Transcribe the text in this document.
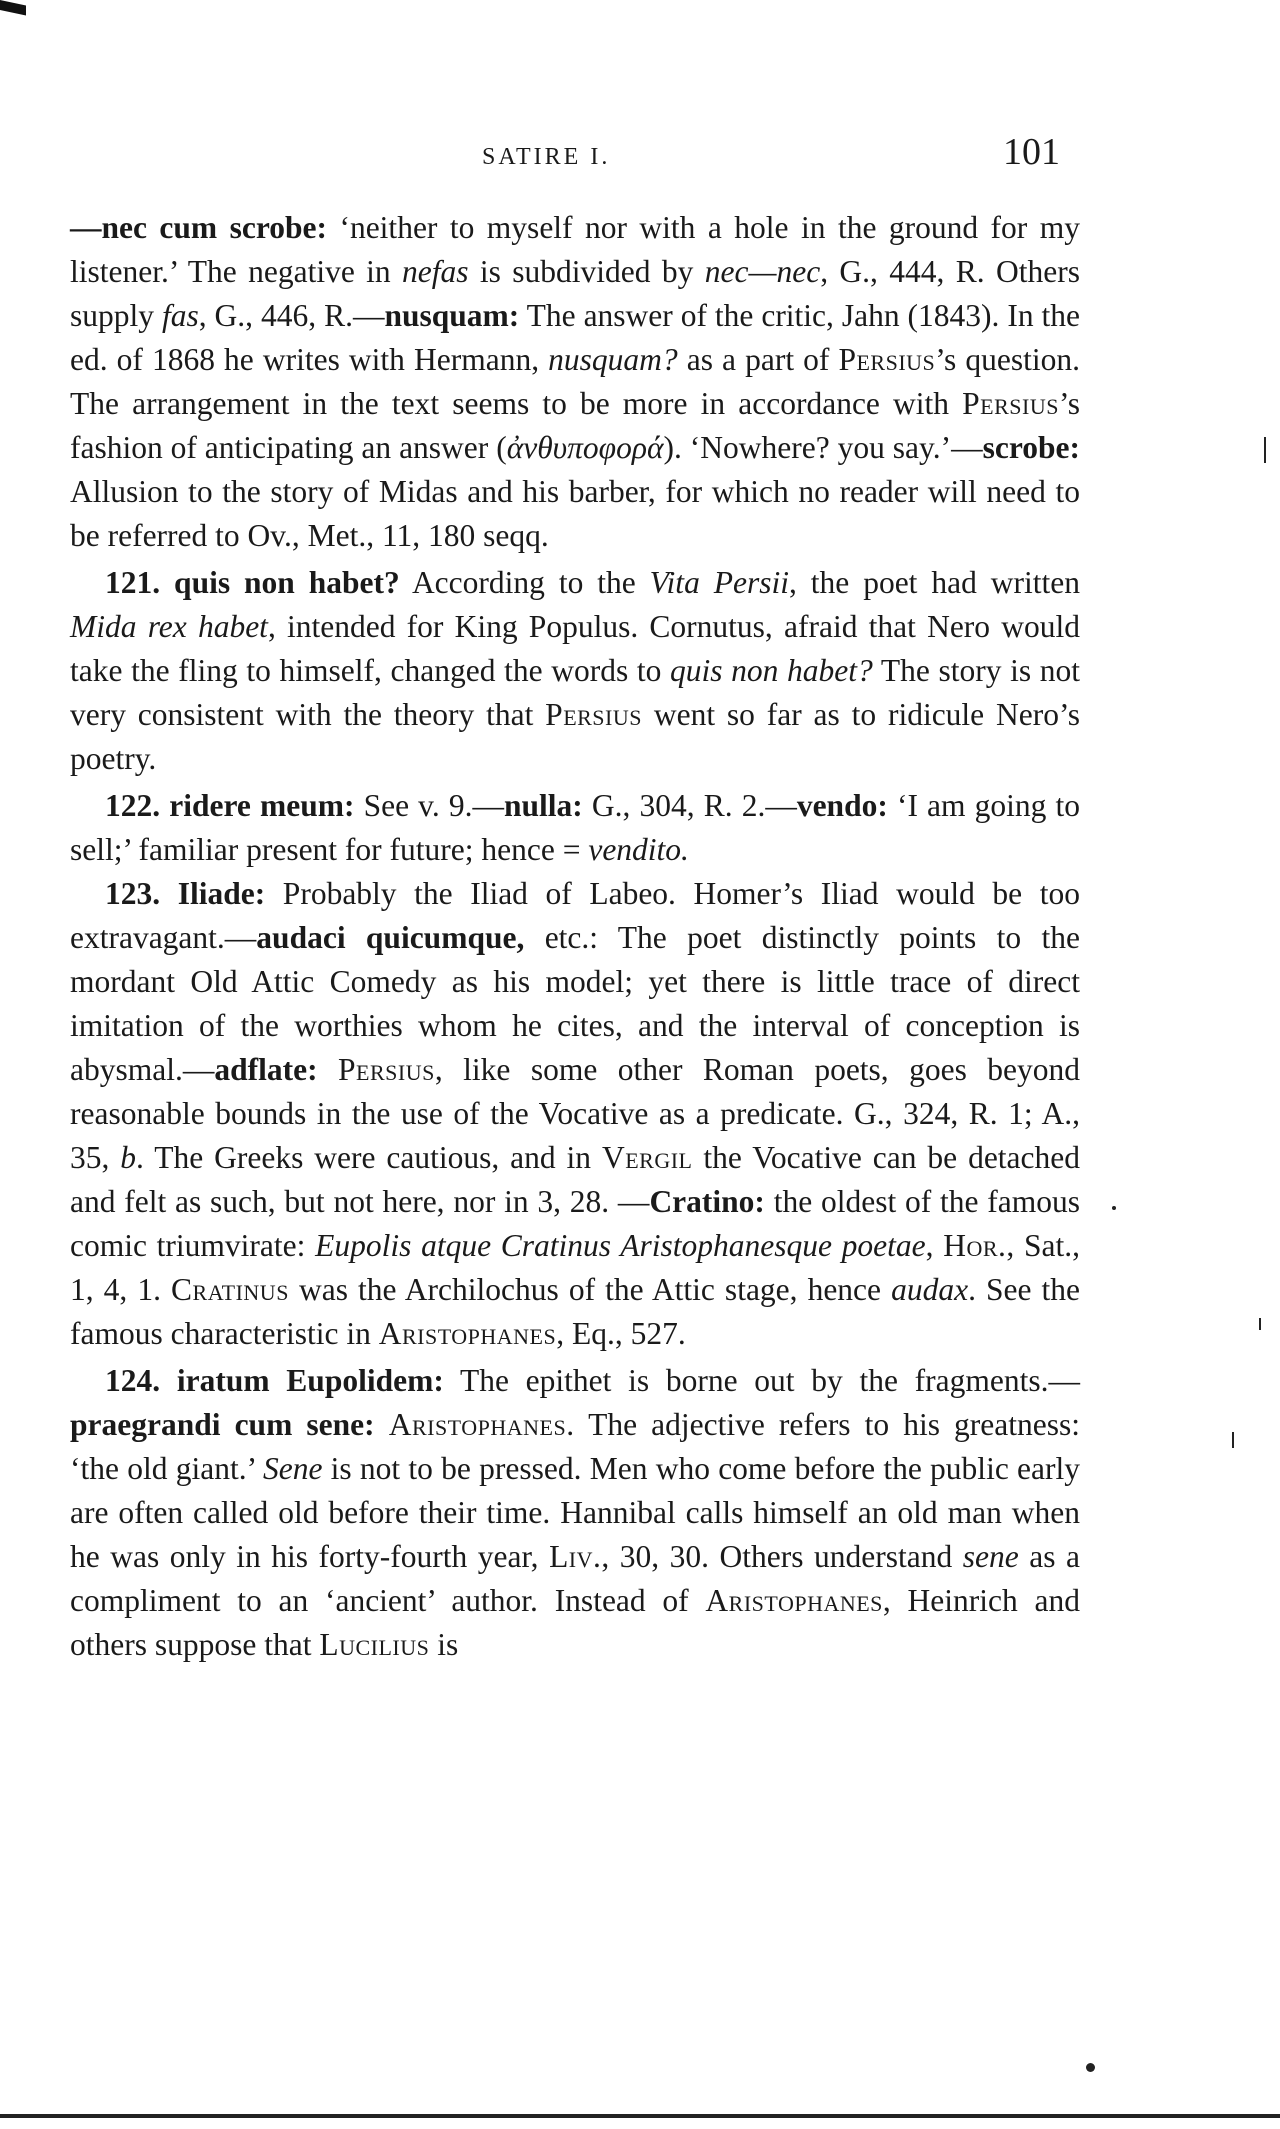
SATIRE I.	101

—nec cum scrobe: ‘neither to myself nor with a hole in the ground for my listener.’ The negative in nefas is subdivided by nec—nec, G., 444, R. Others supply fas, G., 446, R.—nusquam: The answer of the critic, Jahn (1843). In the ed. of 1868 he writes with Hermann, nusquam? as a part of Persius’s question. The arrangement in the text seems to be more in accordance with Persius’s fashion of anticipating an answer (ἀνθυποφορά). ‘Nowhere? you say.’—scrobe: Allusion to the story of Midas and his barber, for which no reader will need to be referred to Ov., Met., 11, 180 seqq.

121. quis non habet? According to the Vita Persii, the poet had written Mida rex habet, intended for King Populus. Cornutus, afraid that Nero would take the fling to himself, changed the words to quis non habet? The story is not very consistent with the theory that Persius went so far as to ridicule Nero’s poetry.

122. ridere meum: See v. 9.—nulla: G., 304, R. 2.—vendo: ‘I am going to sell;’ familiar present for future; hence = vendito.

123. Iliade: Probably the Iliad of Labeo. Homer’s Iliad would be too extravagant.—audaci quicumque, etc.: The poet distinctly points to the mordant Old Attic Comedy as his model; yet there is little trace of direct imitation of the worthies whom he cites, and the interval of conception is abysmal.—adflate: Persius, like some other Roman poets, goes beyond reasonable bounds in the use of the Vocative as a predicate. G., 324, R. 1; A., 35, b. The Greeks were cautious, and in Vergil the Vocative can be detached and felt as such, but not here, nor in 3, 28. —Cratino: the oldest of the famous comic triumvirate: Eupolis atque Cratinus Aristophanesque poetae, Hor., Sat., 1, 4, 1. Cratinus was the Archilochus of the Attic stage, hence audax. See the famous characteristic in Aristophanes, Eq., 527.

124. iratum Eupolidem: The epithet is borne out by the fragments.—praegrandi cum sene: Aristophanes. The adjective refers to his greatness: ‘the old giant.’ Sene is not to be pressed. Men who come before the public early are often called old before their time. Hannibal calls himself an old man when he was only in his forty-fourth year, Liv., 30, 30. Others understand sene as a compliment to an ‘ancient’ author. Instead of Aristophanes, Heinrich and others suppose that Lucilius is
